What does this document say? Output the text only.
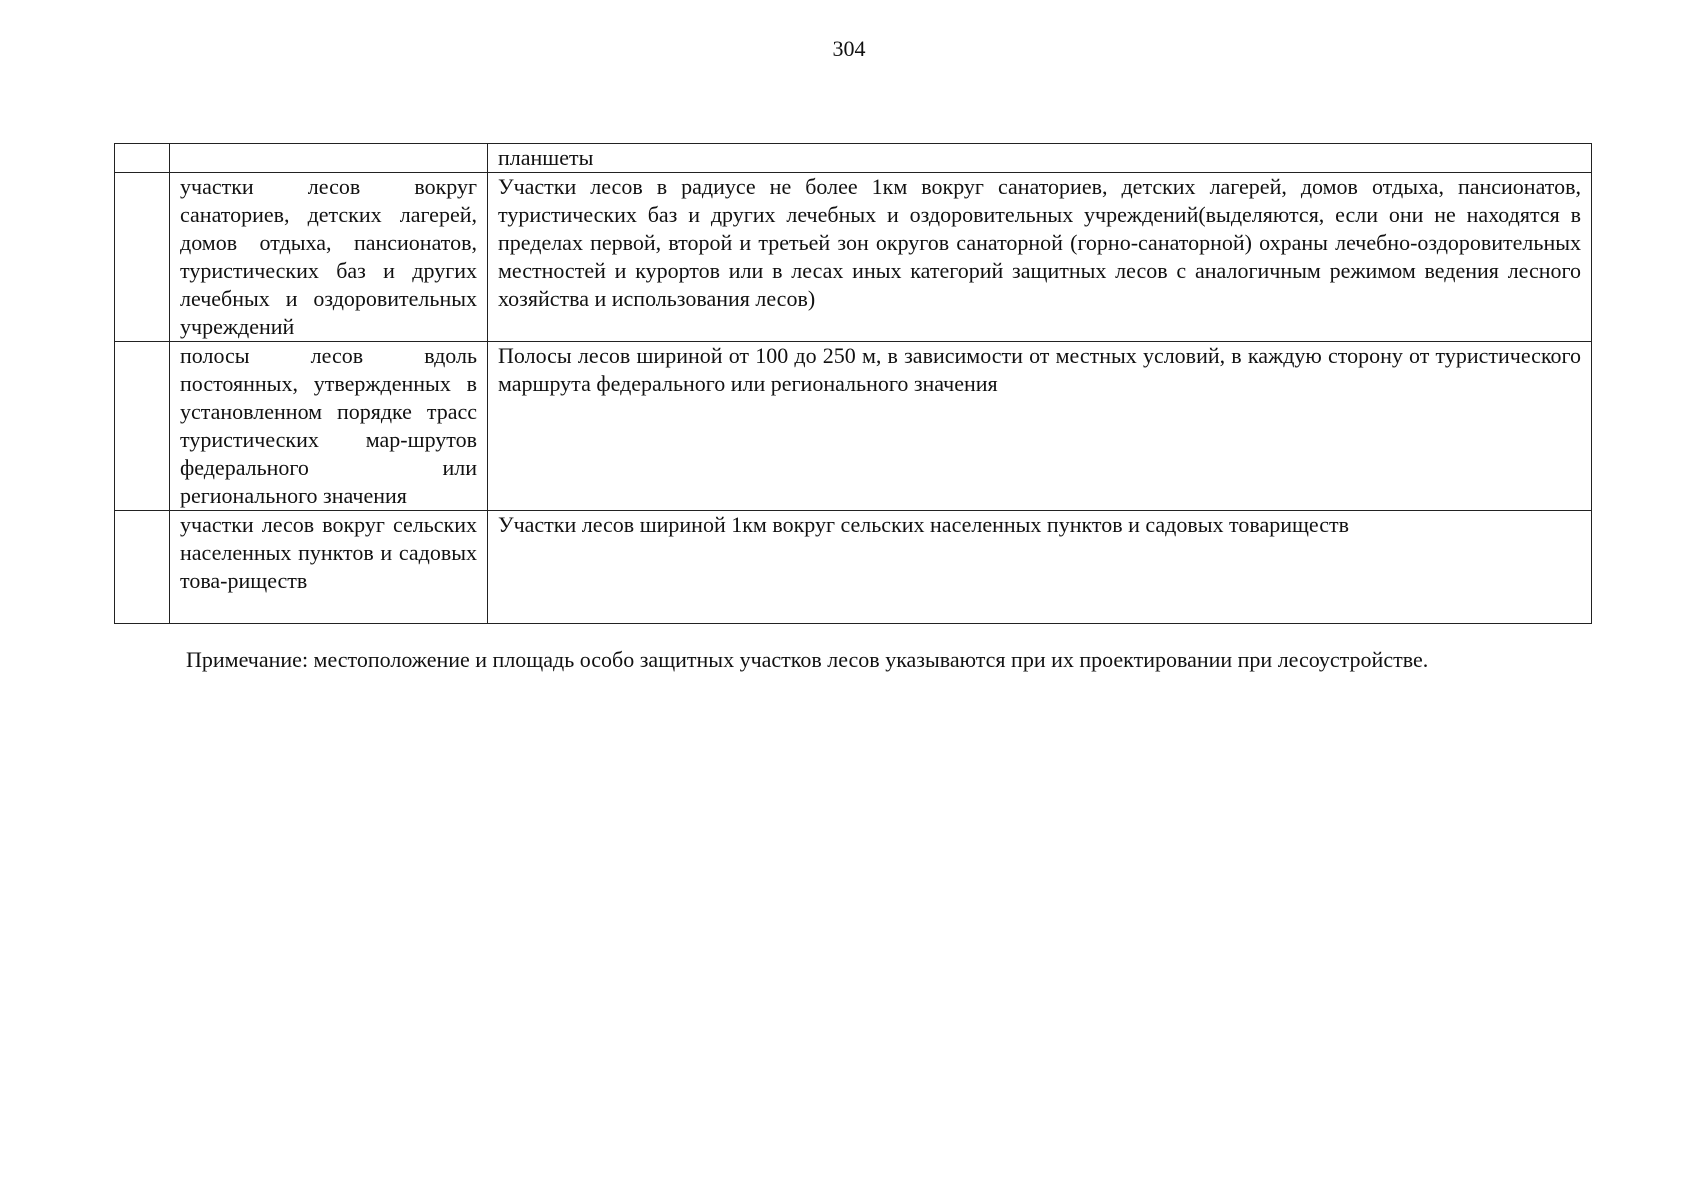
304
		планшеты
	участки лесов вокруг санаториев, детских лагерей, домов отдыха, пансионатов, туристических баз и других лечебных и оздоровительных учреждений	Участки лесов в радиусе не более 1км вокруг санаториев, детских лагерей, домов отдыха, пансионатов, туристических баз и других лечебных и оздоровительных учреждений(выделяются, если они не находятся в пределах первой, второй и третьей зон округов санаторной (горно-санаторной) охраны лечебно-оздоровительных местностей и курортов или в лесах иных категорий защитных лесов с аналогичным режимом ведения лесного хозяйства и использования лесов)
	полосы лесов вдоль постоянных, утвержденных в установленном порядке трасс туристических мар-шрутов федерального или регионального значения	Полосы лесов шириной от 100 до 250 м, в зависимости от местных условий, в каждую сторону от туристического маршрута федерального или регионального значения
	участки лесов вокруг сельских населенных пунктов и садовых това-риществ	Участки лесов шириной 1км вокруг сельских населенных пунктов и садовых товариществ
Примечание: местоположение и площадь особо защитных участков лесов указываются при их проектировании при лесоустройстве.
